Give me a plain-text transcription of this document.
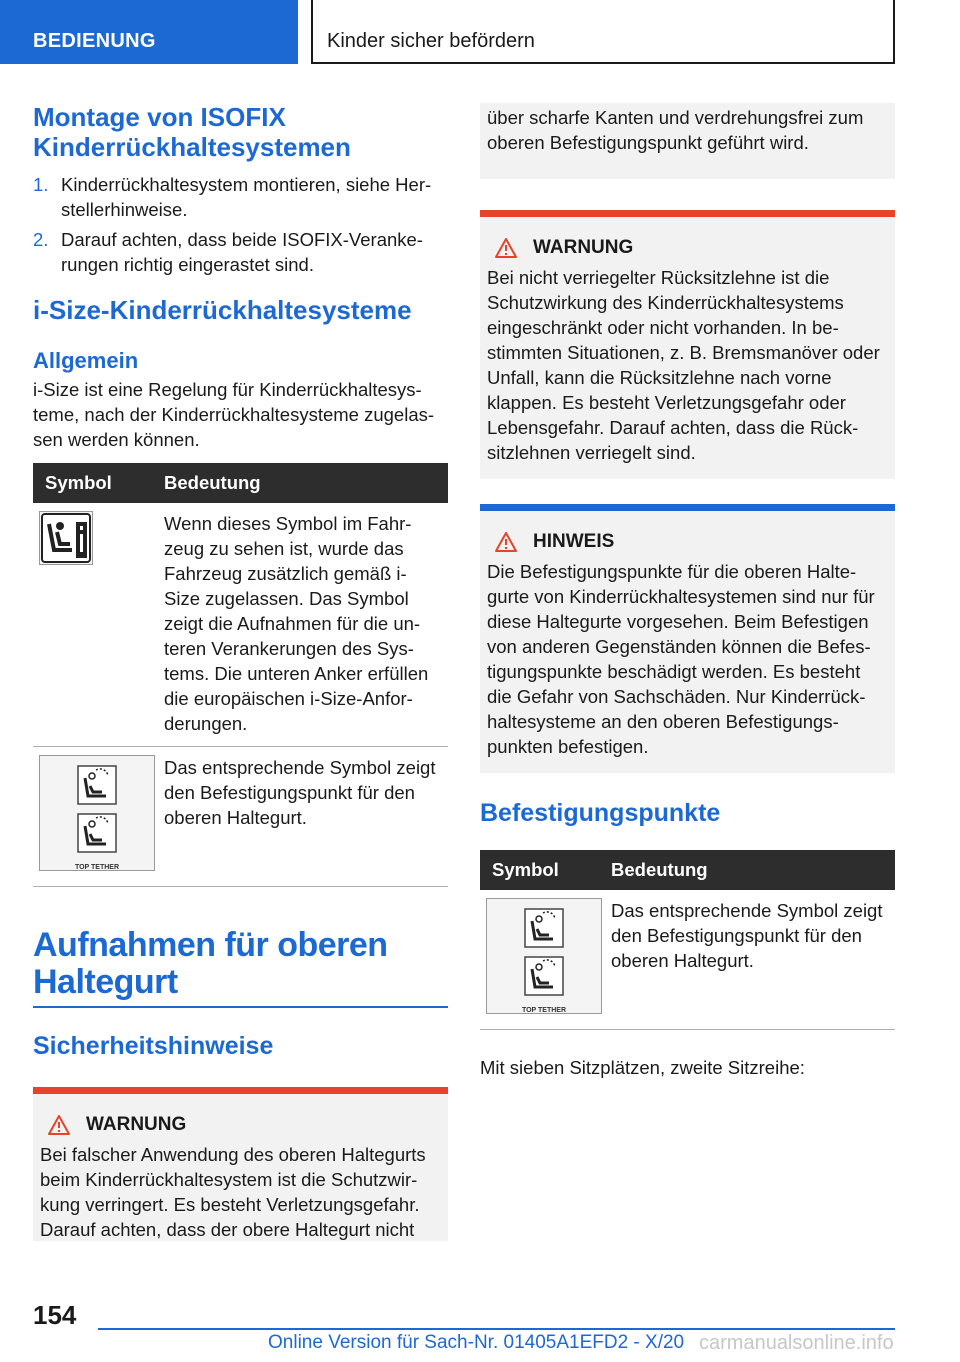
BEDIENUNG	Kinder sicher befördern
Montage von ISOFIX Kinderrückhaltesystemen
1. Kinderrückhaltesystem montieren, siehe Her-stellerhinweise.
2. Darauf achten, dass beide ISOFIX-Veranke-rungen richtig eingerastet sind.
i-Size-Kinderrückhaltesysteme
Allgemein
i-Size ist eine Regelung für Kinderrückhaltesys-teme, nach der Kinderrückhaltesysteme zugelas-sen werden können.
Symbol	Bedeutung
	Wenn dieses Symbol im Fahr-zeug zu sehen ist, wurde das Fahrzeug zusätzlich gemäß i-Size zugelassen. Das Symbol zeigt die Aufnahmen für die un-teren Verankerungen des Sys-tems. Die unteren Anker erfüllen die europäischen i-Size-Anfor-derungen.

TOP TETHER	Das entsprechende Symbol zeigt den Befestigungspunkt für den oberen Haltegurt.
Aufnahmen für oberen Haltegurt
Sicherheitshinweise
WARNUNG
Bei falscher Anwendung des oberen Haltegurts beim Kinderrückhaltesystem ist die Schutzwir-kung verringert. Es besteht Verletzungsgefahr. Darauf achten, dass der obere Haltegurt nicht
über scharfe Kanten und verdrehungsfrei zum oberen Befestigungspunkt geführt wird.
WARNUNG
Bei nicht verriegelter Rücksitzlehne ist die Schutzwirkung des Kinderrückhaltesystems eingeschränkt oder nicht vorhanden. In be-stimmten Situationen, z. B. Bremsmanöver oder Unfall, kann die Rücksitzlehne nach vorne klappen. Es besteht Verletzungsgefahr oder Lebensgefahr. Darauf achten, dass die Rück-sitzlehnen verriegelt sind.
HINWEIS
Die Befestigungspunkte für die oberen Halte-gurte von Kinderrückhaltesystemen sind nur für diese Haltegurte vorgesehen. Beim Befestigen von anderen Gegenständen können die Befes-tigungspunkte beschädigt werden. Es besteht die Gefahr von Sachschäden. Nur Kinderrück-haltesysteme an den oberen Befestigungs-punkten befestigen.
Befestigungspunkte
Symbol	Bedeutung

TOP TETHER	Das entsprechende Symbol zeigt den Befestigungspunkt für den oberen Haltegurt.
Mit sieben Sitzplätzen, zweite Sitzreihe:
154
Online Version für Sach-Nr. 01405A1EFD2 - X/20 carmanualsonline.info
